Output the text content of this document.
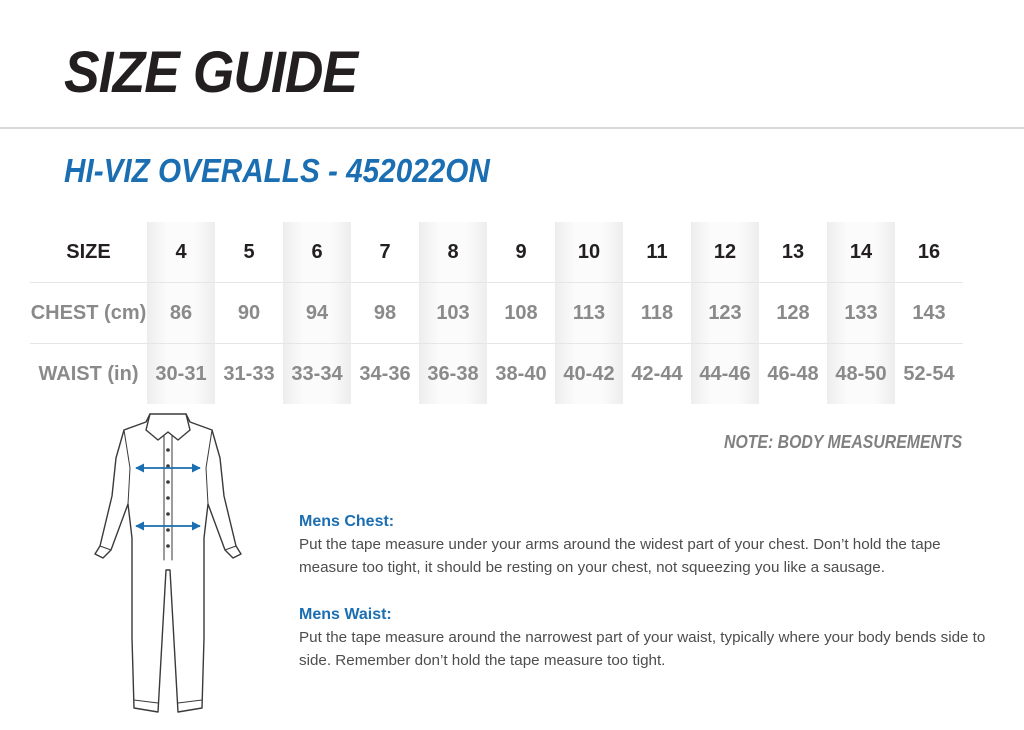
SIZE GUIDE
HI-VIZ OVERALLS - 452022ON
SIZE	4	5	6	7	8	9	10	11	12	13	14	16
CHEST (cm)	86	90	94	98	103	108	113	118	123	128	133	143
WAIST (in)	30-31	31-33	33-34	34-36	36-38	38-40	40-42	42-44	44-46	46-48	48-50	52-54
NOTE: BODY MEASUREMENTS
Mens Chest:

Put the tape measure under your arms around the widest part of your chest. Don’t hold the tape measure too tight, it should be resting on your chest, not squeezing you like a sausage.

Mens Waist:

Put the tape measure around the narrowest part of your waist, typically where your body bends side to side. Remember don’t hold the tape measure too tight.
